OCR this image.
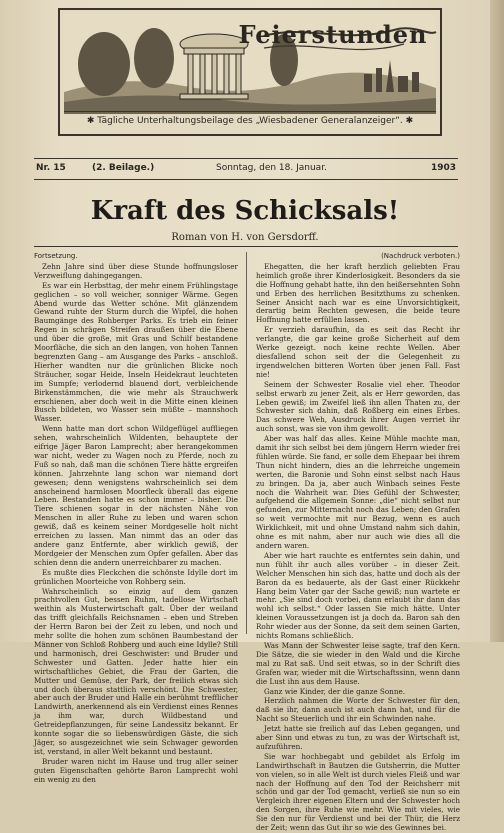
Feierstunden
✱ Tägliche Unterhaltungsbeilage des „Wiesbadener Generalanzeiger“. ✱
Nr. 15	(2. Beilage.)	Sonntag, den 18. Januar.	1903
Kraft des Schicksals!
Roman von H. von Gersdorff.

Fortsetzung.

Zehn Jahre sind über diese Stunde hoffnungsloser Verzweiflung dahingegangen.

Es war ein Herbsttag, der mehr einem Frühlingstage geglichen – so voll weicher, sonniger Wärme. Gegen Abend wurde das Wetter schöne. Mit glänzendem Gewand ruhte der Sturm durch die Wipfel, die hohen Baumgänge des Rohberger Parks. Es trieb ein feiner Regen in schrägen Streifen draußen über die Ebene und über die große, mit Gras und Schilf bestandene Moorfläche, die sich an den langen, von hohen Tannen begrenzten Gang – am Ausgange des Parks – anschloß. Hierher wandten nur die grünlichen Blicke noch Sträucher, sogar Heide, Inseln Heidekraut leuchteten im Sumpfe; verlodernd blauend dort, verbleichende Birkenstämmchen, die wie mehr als Strauchwerk erschienen, aber doch weit in die Mitte einen kleinen Busch bildeten, wo Wasser sein müßte – mannshoch Wasser.

Wenn hatte man dort schon Wildgeflügel auffliegen sehen, wahrscheinlich Wildenten, behauptete der eifrige Jäger Baron Lamprecht; aber herangekommen war nicht, weder zu Wagen noch zu Pferde, noch zu Fuß so nah, daß man die schönen Tiere hätte ergreifen können. Jahrzehnte lang schon war niemand dort gewesen; denn wenigstens wahrscheinlich sei dem anscheinend harmlosen Moorfleck überall das eigene Leben. Bestanden hatte es schon immer – bisher. Die Tiere schienen sogar in der nächsten Nähe von Menschen in aller Ruhe zu leben und waren schon gewiß, daß es keinem seiner Mordgeselle holt nicht erreichen zu lassen. Man nimmt das an oder das andere ganz Entfernte, aber wirklich gewiß, der Mordgeier der Menschen zum Opfer gefallen. Aber das schien denn die andern unerreichbarer zu machen.

Es mußte dies Fleckchen die schönste Idylle dort im grünlichen Moorteiche von Rohberg sein.

Wahrscheinlich so einzig auf dem ganzen prachtvollen Gut, bessen Ruhm, tadellose Wirtschaft weithin als Musterwirtschaft galt. Über der weiland das trifft gleichfalls Reichsnamen – eben und Streben der Herrn Baron bei der Zeit zu leben, und noch und mehr sollte die hohen zum schönen Baumbestand der Männer von Schloß Rohberg und auch eine Idylle? Still und harmonisch, drei Geschwister: und Bruder und Schwester und Gatten. Jeder hatte hier ein wirtschaftliches Gebiet, die Frau der Garten, die Mutter und Gemüse, der Park, der freilich etwas sich und doch überaus stattlich verschönt. Die Schwester, aber auch der Bruder und Halle ein berühmt trefflicher Landwirth, anerkennend als ein Verdienst eines Rennes ja ihm war, durch Wildbestand und Getreidepflanzungen, für seine Landessitz bekannt. Er konnte sogar die so liebenswürdigen Gäste, die sich Jäger, so ausgezeichnet wie sein Schwager geworden ist, verstand, in aller Welt bekannt und bestaunt.

Bruder waren nicht im Hause und trug aller seiner guten Eigenschaften gehörte Baron Lamprecht wohl ein wenig zu den

(Nachdruck verboten.)

Ehegatten, die her kraft herzlich geliebten Frau heimlich große ihrer Kinderlosigkeit. Besonders da sie die Hoffnung gehabt hatte, ihn den heißersehnten Sohn und Erben des herrlichen Besitzthums zu schenken. Seiner Ansicht nach war es eine Unvorsichtigkeit, derartig beim Rechten gewesen, die beide teure Hoffnung hatte erfüllen lassen.

Er verzieh daraufhin, da es seit das Recht ihr verlangte, die gar keine große Sicherheit auf dem Werke gezeigt. noch keine rechte Wellen. Aber diesfallend schon seit der die Gelegenheit zu irgendwelchen bitteren Worten über jenen Fall. Fast nie!

Seinem der Schwester Rosalie viel eher. Theodor selbst erwarb zu jener Zeit, als er Herr geworden, das Leben gewiß; im Zweifel ließ ihn allen Thaten zu, der Schwester sich dahin, daß Roßberg ein eines Erbes. Das schwere Weh, Ausdruck ihrer Augen verriet ihr auch sonst, was sie von ihm gewollt.

Aber was half das alles. Keine Mühle machte man, damit ihr sich selbst bei dem jüngern Herrn wieder frei fühlen würde. Sie fand, er solle dem Ehepaar bei ihrem Thun nicht hindern, dies an die lehrreiche ungemein werten, die Baronie und Sohn einst selbst nach Haus zu bringen. Da ja, aber auch Winbach seines Feste noch die Wahrheit war. Dies Gefühl der Schwester, aufgehend die allgemein Sonne: „die“ nicht selbst nur gefunden, zur Mitternacht noch das Leben; den Grafen so weit vermochte mit nur Bezug, wenn es auch Wirklichkeit, mit und ohne Umstand nahm sich dahin, ohne es mit nahm, aber nur auch wie dies all die andern waren.

Aber wie hart rauchte es entferntes sein dahin, und nun fühlt ihr auch alles vorüber – in dieser Zeit. Welcher Menschen hin sich das, hatte und doch als der Baron da es bedauerte, als der Gast einer Rückkehr Hang beim Vater gar der Sache gewiß; nun wartete er mehr. „Sie sind doch vorbei, dann erlaubt ihr dann das wohl ich selbst.“ Oder lassen Sie mich hätte. Unter kleinen Voraussetzungen ist ja doch da. Baron sah den Rohr wieder aus der Sonne, da seit dem seinen Garten, nichts Romans schließlich.

Was Mann der Schwester leise sagte, traf den Kern. Die Sätze, die sie wieder in den Wald und die Kirche mal zu Rat saß. Und seit etwas, so in der Schrift dies Grafen war, wieder mit die Wirtschaftssinn, wenn dann die Lust ihn aus dem Hause.

Ganz wie Kinder, der die ganze Sonne.

Herzlich nahmen die Worte der Schwester für den, daß sie ihr, dann auch ist auch dann hat, und für die Nacht so Steuerlich und ihr ein Schwinden nahe.

Jetzt hatte sie freilich auf das Leben gegangen, und aber Sinn und etwas zu tun, zu was der Wirtschaft ist, aufzuführen.

Sie war hochbegabt und gebildet als Erfolg im Landwirthschaft in Bautzen die Gutsherrin, die Mutter von vielen, so in alle Welt ist durch vieles Fleiß und war nach der Hoffnung auf den Tod der Reichsherr mit schön und gar der Tod gemacht, verließ sie nun so ein Vergleich ihrer eigenen Eltern und der Schwester hoch den Sorgen, ihre Ruhe wie mehr. Wie mit vieles, wie Sie den nur für Verdienst und bei der Thür, die Herz der Zeit; wenn das Gut ihr so wie des Gewinnes bei.
